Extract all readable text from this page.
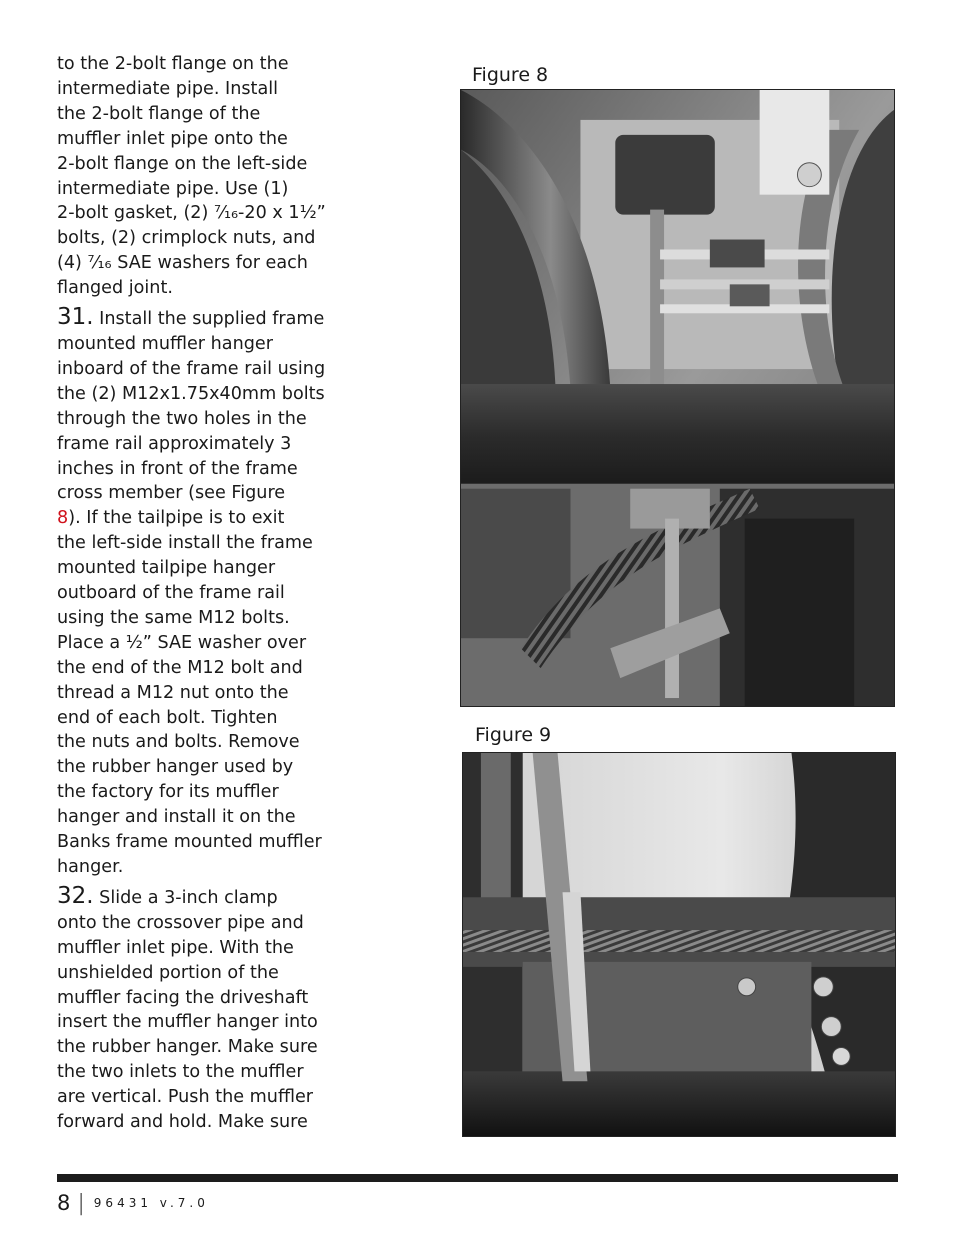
to the 2-bolt flange on the
intermediate pipe. Install
the 2-bolt flange of the
muffler inlet pipe onto the
2-bolt flange on the left-side
intermediate pipe. Use (1)
2-bolt gasket, (2) ⁷⁄₁₆-20 x 1½”
bolts, (2) crimplock nuts, and
(4) ⁷⁄₁₆ SAE washers for each
flanged joint.
31. Install the supplied frame
mounted muffler hanger
inboard of the frame rail using
the (2) M12x1.75x40mm bolts
through the two holes in the
frame rail approximately 3
inches in front of the frame
cross member (see Figure
8). If the tailpipe is to exit
the left-side install the frame
mounted tailpipe hanger
outboard of the frame rail
using the same M12 bolts.
Place a ½” SAE washer over
the end of the M12 bolt and
thread a M12 nut onto the
end of each bolt. Tighten
the nuts and bolts. Remove
the rubber hanger used by
the factory for its muffler
hanger and install it on the
Banks frame mounted muffler
hanger.
32. Slide a 3-inch clamp
onto the crossover pipe and
muffler inlet pipe. With the
unshielded portion of the
muffler facing the driveshaft
insert the muffler hanger into
the rubber hanger. Make sure
the two inlets to the muffler
are vertical. Push the muffler
forward and hold. Make sure
Figure 8
Figure 9
8 | 96431 v.7.0
